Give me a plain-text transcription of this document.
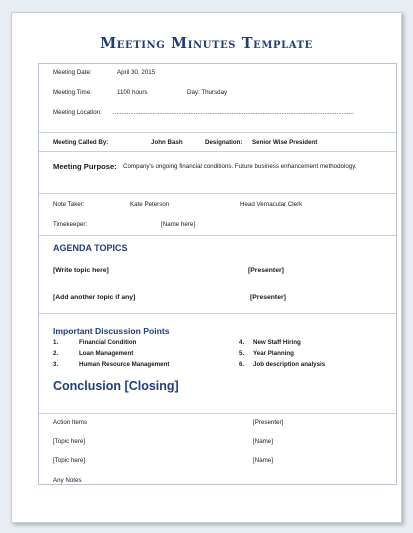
Meeting Minutes Template
Meeting Date:	April 30, 2015
Meeting Time:	1100 hours	Day: Thursday
Meeting Location: ............................................................................................................................................
Meeting Called By:	John Bash	Designation: Senior Wise President
Meeting Purpose: Company's ongoing financial conditions. Future business enhancement methodology.
Note Taker:	Kate Peterson	Head Vernacular Clerk
Timekeeper:	[Name here]
AGENDA TOPICS
[Write topic here]	[Presenter]
[Add another topic if any]	[Presenter]
Important Discussion Points
1.	Financial Condition
2.	Loan Management
3.	Human Resource Management
4. New Staff Hiring
5. Year Planning
6. Job description analysis
Conclusion [Closing]
Action Items	[Presenter]
[Topic here]	[Name]
[Topic here]	[Name]
Any Notes
